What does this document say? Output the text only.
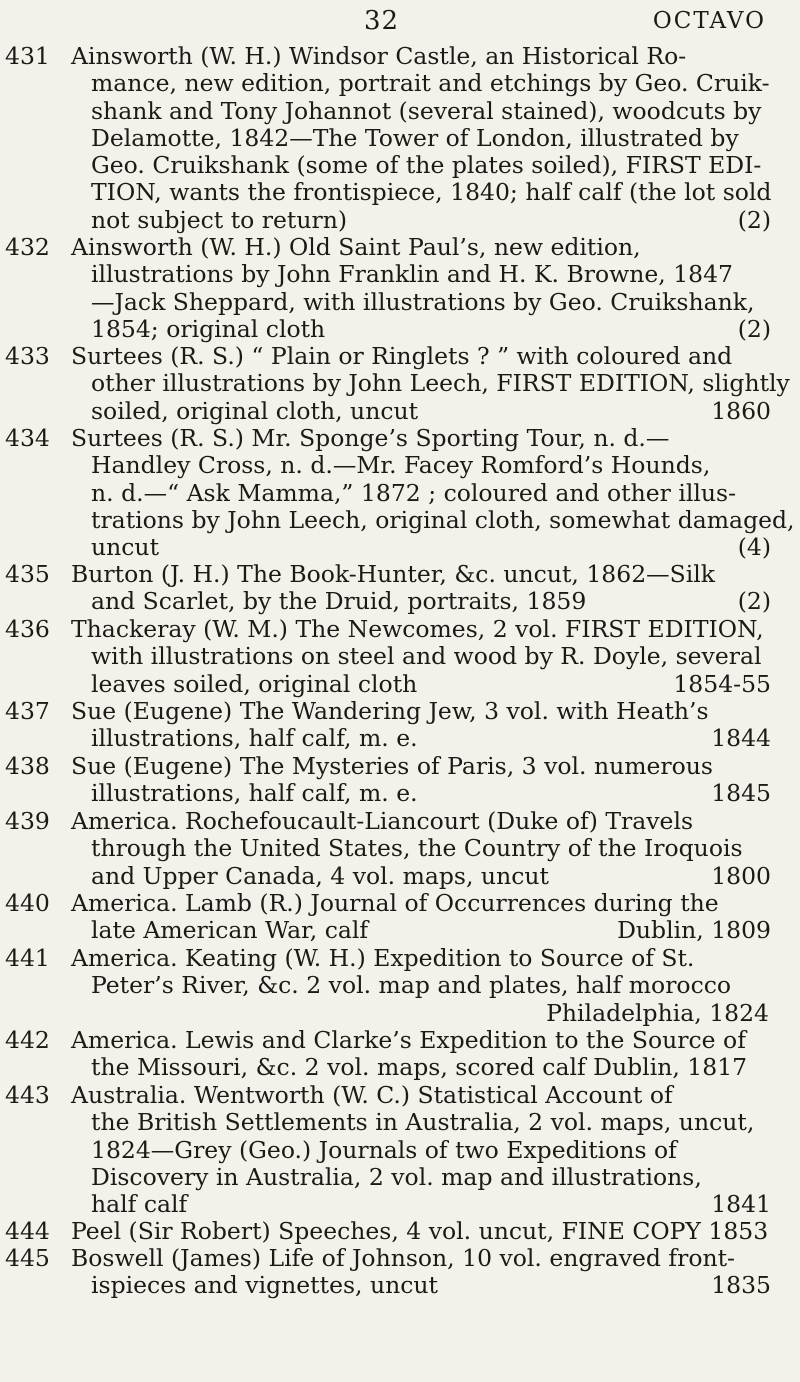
32	OCTAVO
431 Ainsworth (W. H.) Windsor Castle, an Historical Ro-
mance, new edition, portrait and etchings by Geo. Cruik-
shank and Tony Johannot (several stained), woodcuts by
Delamotte, 1842—The Tower of London, illustrated by
Geo. Cruikshank (some of the plates soiled), FIRST EDI-
TION, wants the frontispiece, 1840; half calf (the lot sold
not subject to return)	(2)
432 Ainsworth (W. H.) Old Saint Paul’s, new edition,
illustrations by John Franklin and H. K. Browne, 1847
—Jack Sheppard, with illustrations by Geo. Cruikshank,
1854; original cloth	(2)
433 Surtees (R. S.) “ Plain or Ringlets ? ” with coloured and
other illustrations by John Leech, FIRST EDITION, slightly
soiled, original cloth, uncut	1860
434 Surtees (R. S.) Mr. Sponge’s Sporting Tour, n. d.—
Handley Cross, n. d.—Mr. Facey Romford’s Hounds,
n. d.—“ Ask Mamma,” 1872 ; coloured and other illus-
trations by John Leech, original cloth, somewhat damaged,
uncut	(4)
435 Burton (J. H.) The Book-Hunter, &c. uncut, 1862—Silk
and Scarlet, by the Druid, portraits, 1859	(2)
436 Thackeray (W. M.) The Newcomes, 2 vol. FIRST EDITION,
with illustrations on steel and wood by R. Doyle, several
leaves soiled, original cloth	1854-55
437 Sue (Eugene) The Wandering Jew, 3 vol. with Heath’s
illustrations, half calf, m. e.	1844
438 Sue (Eugene) The Mysteries of Paris, 3 vol. numerous
illustrations, half calf, m. e.	1845
439 America. Rochefoucault-Liancourt (Duke of) Travels
through the United States, the Country of the Iroquois
and Upper Canada, 4 vol. maps, uncut	1800
440 America. Lamb (R.) Journal of Occurrences during the
late American War, calf	Dublin, 1809
441 America. Keating (W. H.) Expedition to Source of St.
Peter’s River, &c. 2 vol. map and plates, half morocco
Philadelphia, 1824
442 America. Lewis and Clarke’s Expedition to the Source of
the Missouri, &c. 2 vol. maps, scored calf Dublin, 1817
443 Australia. Wentworth (W. C.) Statistical Account of
the British Settlements in Australia, 2 vol. maps, uncut,
1824—Grey (Geo.) Journals of two Expeditions of
Discovery in Australia, 2 vol. map and illustrations,
half calf	1841
444 Peel (Sir Robert) Speeches, 4 vol. uncut, FINE COPY 1853
445 Boswell (James) Life of Johnson, 10 vol. engraved front-
ispieces and vignettes, uncut	1835
